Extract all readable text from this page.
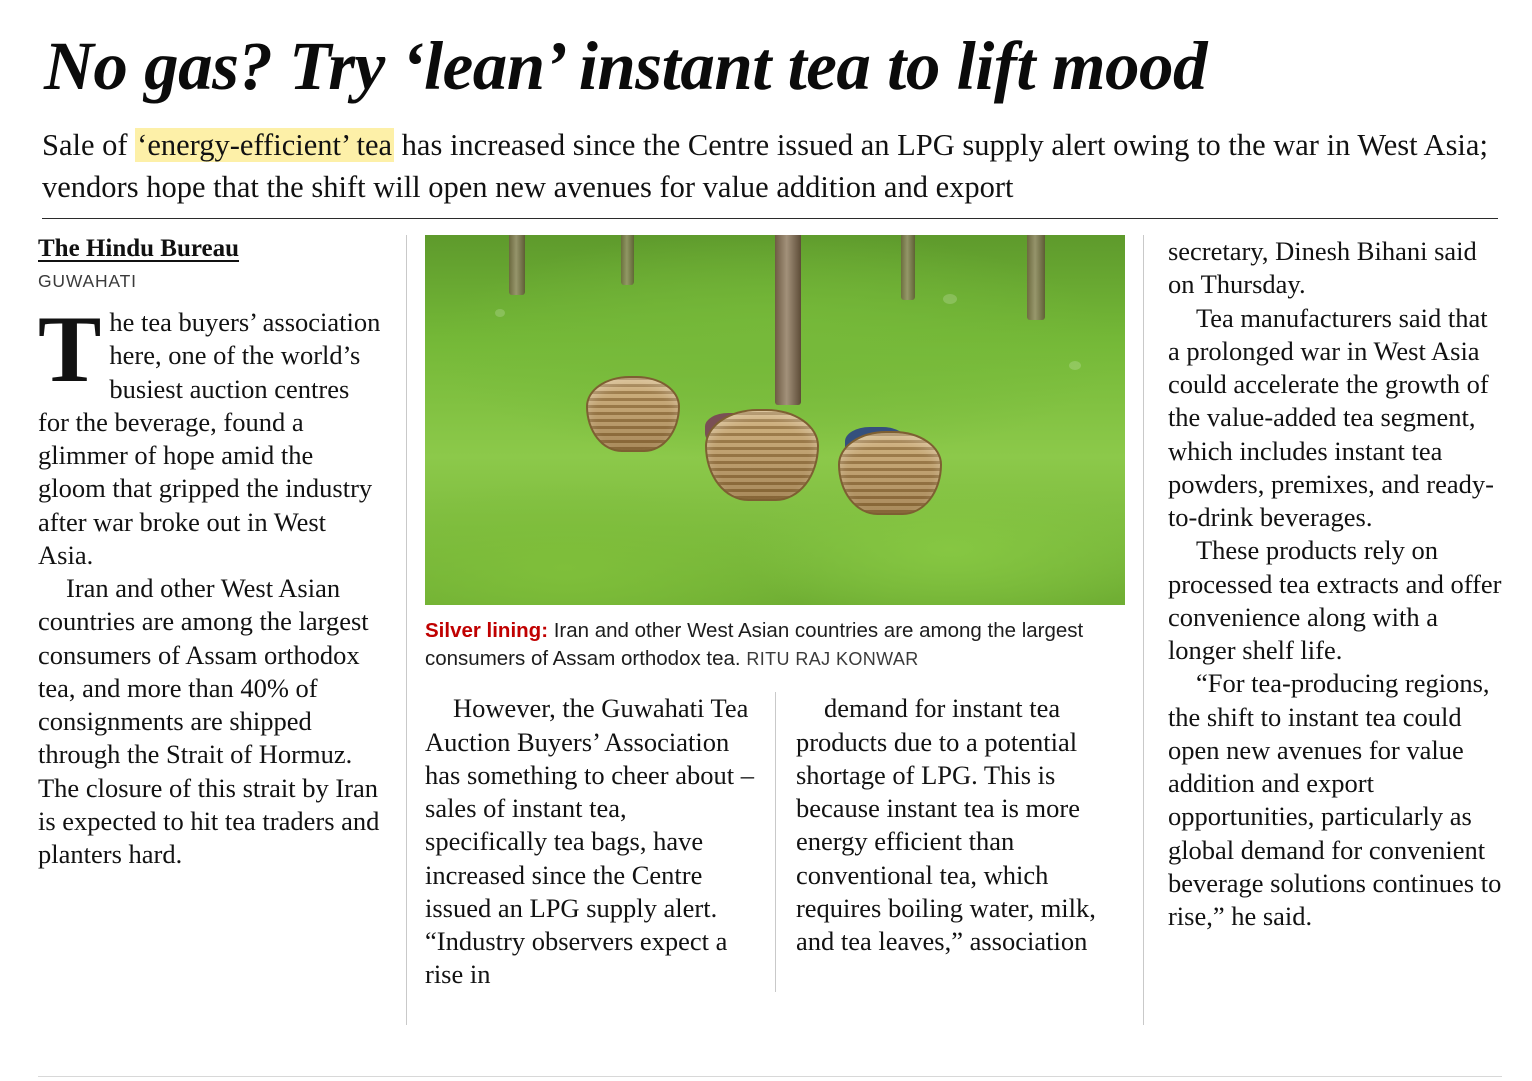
No gas? Try ‘lean’ instant tea to lift mood
Sale of ‘energy-efficient’ tea has increased since the Centre issued an LPG supply alert owing to the war in West Asia; vendors hope that the shift will open new avenues for value addition and export
The Hindu Bureau
GUWAHATI

The tea buyers’ association here, one of the world’s busiest auction centres for the beverage, found a glimmer of hope amid the gloom that gripped the industry after war broke out in West Asia.

Iran and other West Asian countries are among the largest consumers of Assam orthodox tea, and more than 40% of consignments are shipped through the Strait of Hormuz. The closure of this strait by Iran is expected to hit tea traders and planters hard.

Silver lining: Iran and other West Asian countries are among the largest consumers of Assam orthodox tea. RITU RAJ KONWAR

However, the Guwahati Tea Auction Buyers’ Association has something to cheer about – sales of instant tea, specifically tea bags, have increased since the Centre issued an LPG supply alert. “Industry observers expect a rise in

demand for instant tea products due to a potential shortage of LPG. This is because instant tea is more energy efficient than conventional tea, which requires boiling water, milk, and tea leaves,” association

secretary, Dinesh Bihani said on Thursday.

Tea manufacturers said that a prolonged war in West Asia could accelerate the growth of the value-added tea segment, which includes instant tea powders, premixes, and ready-to-drink beverages.

These products rely on processed tea extracts and offer convenience along with a longer shelf life.

“For tea-producing regions, the shift to instant tea could open new avenues for value addition and export opportunities, particularly as global demand for convenient beverage solutions continues to rise,” he said.
